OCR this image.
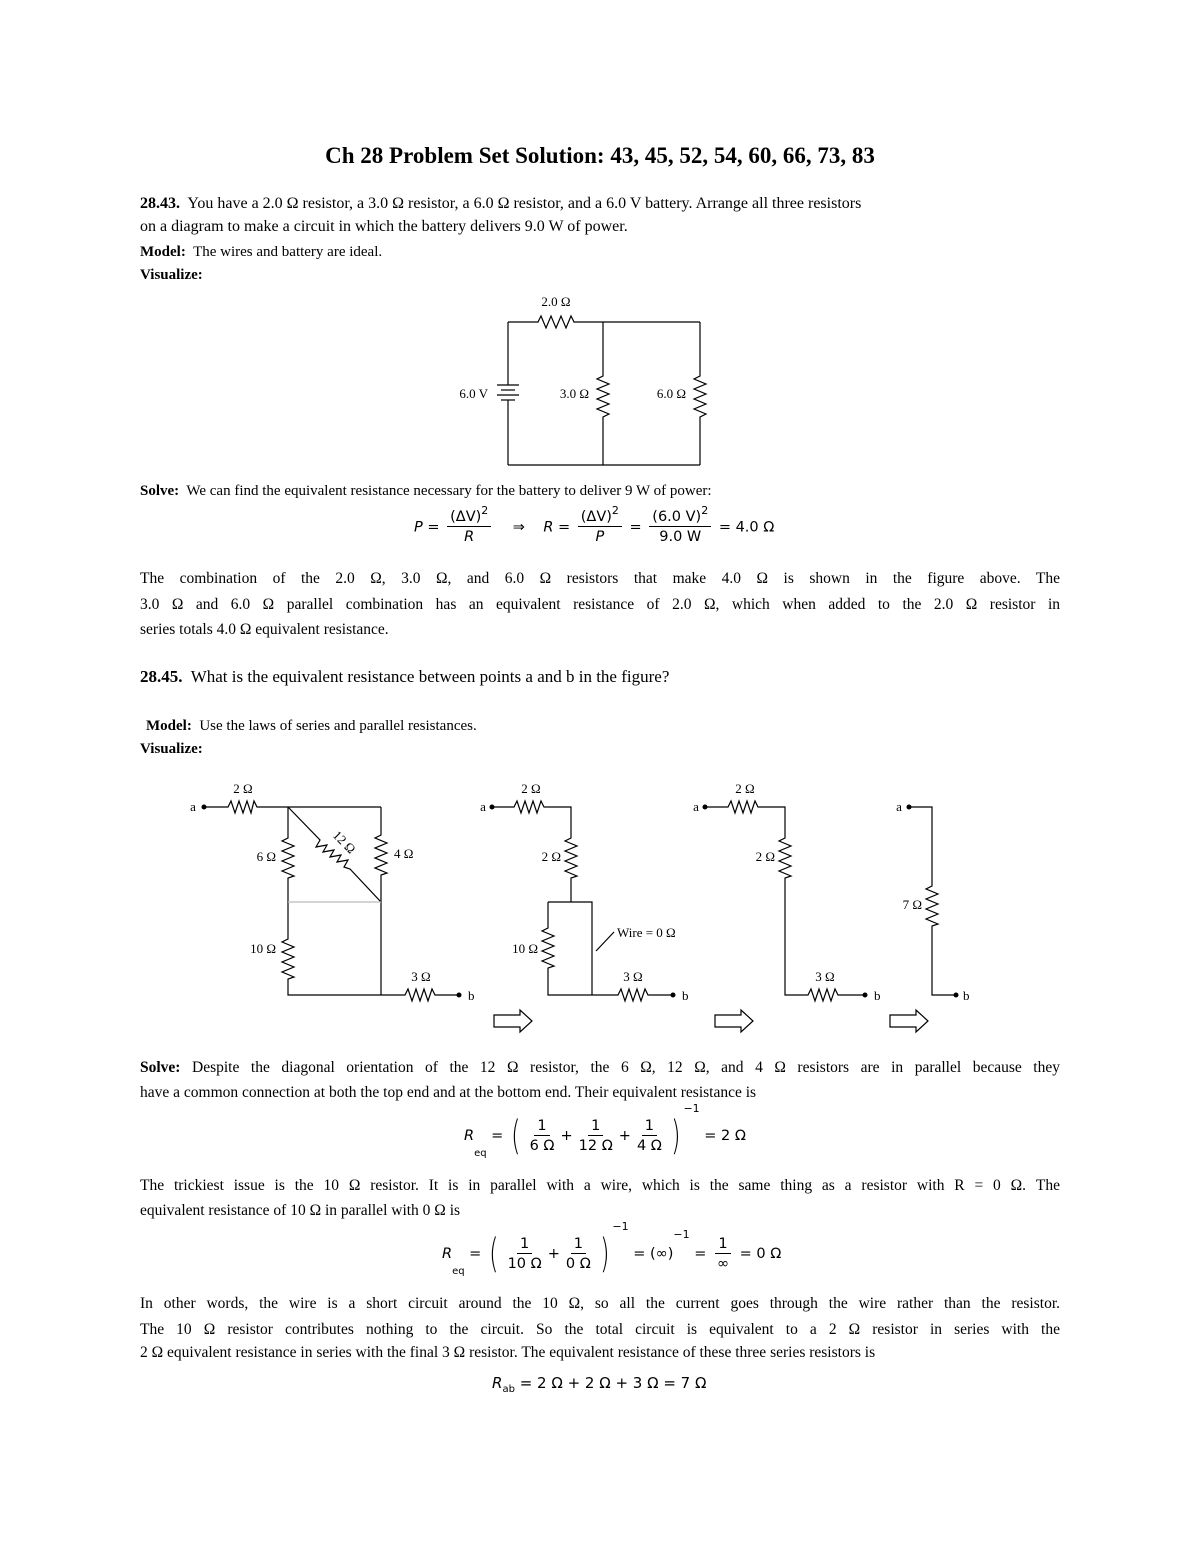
Ch 28 Problem Set Solution: 43, 45, 52, 54, 60, 66, 73, 83
28.43. You have a 2.0 Ω resistor, a 3.0 Ω resistor, a 6.0 Ω resistor, and a 6.0 V battery. Arrange all three resistors
on a diagram to make a circuit in which the battery delivers 9.0 W of power.
Model: The wires and battery are ideal.
Visualize:
2.0 Ω
6.0 V	3.0 Ω	6.0 Ω
Solve: We can find the equivalent resistance necessary for the battery to deliver 9 W of power:
$P = \frac{(\Delta V)^2}{R}$ ⇒ $R = \frac{(\Delta V)^2}{P} = \frac{(6.0 V)^2}{9.0 W} = 4.0$ Ω
The combination of the 2.0 Ω, 3.0 Ω, and 6.0 Ω resistors that make 4.0 Ω is shown in the figure above. The
3.0 Ω and 6.0 Ω parallel combination has an equivalent resistance of 2.0 Ω, which when added to the 2.0 Ω resistor in
series totals 4.0 Ω equivalent resistance.
28.45. What is the equivalent resistance between points a and b in the figure?
Model: Use the laws of series and parallel resistances.
Visualize:
2 Ω
a
6 Ω
12 Ω	4 Ω
10 Ω
3 Ω
b
2 Ω
a
2 Ω
10 Ω
Wire = 0 Ω
3 Ω
b
2 Ω
a
2 Ω
3 Ω
b
a
7 Ω
b
Solve: Despite the diagonal orientation of the 12 Ω resistor, the 6 Ω, 12 Ω, and 4 Ω resistors are in parallel because they
have a common connection at both the top end and at the bottom end. Their equivalent resistance is
$R_{eq}$ = ( $\frac{1}{6 \Omega} + \frac{1}{12 \Omega} + \frac{1}{4 \Omega} )^{-1} = 2$ Ω
The trickiest issue is the 10 Ω resistor. It is in parallel with a wire, which is the same thing as a resistor with R = 0 Ω. The
equivalent resistance of 10 Ω in parallel with 0 Ω is
$R_{eq}$ = ( $\frac{1}{10 \Omega} + \frac{1}{0 \Omega} )^{-1} = (\infty)^{-1} = \frac{1}{\infty} = 0$ Ω
In other words, the wire is a short circuit around the 10 Ω, so all the current goes through the wire rather than the resistor.
The 10 Ω resistor contributes nothing to the circuit. So the total circuit is equivalent to a 2 Ω resistor in series with the
2 Ω equivalent resistance in series with the final 3 Ω resistor. The equivalent resistance of these three series resistors is
$R_{ab} = 2$ Ω + 2 Ω + 3 Ω = 7 Ω
